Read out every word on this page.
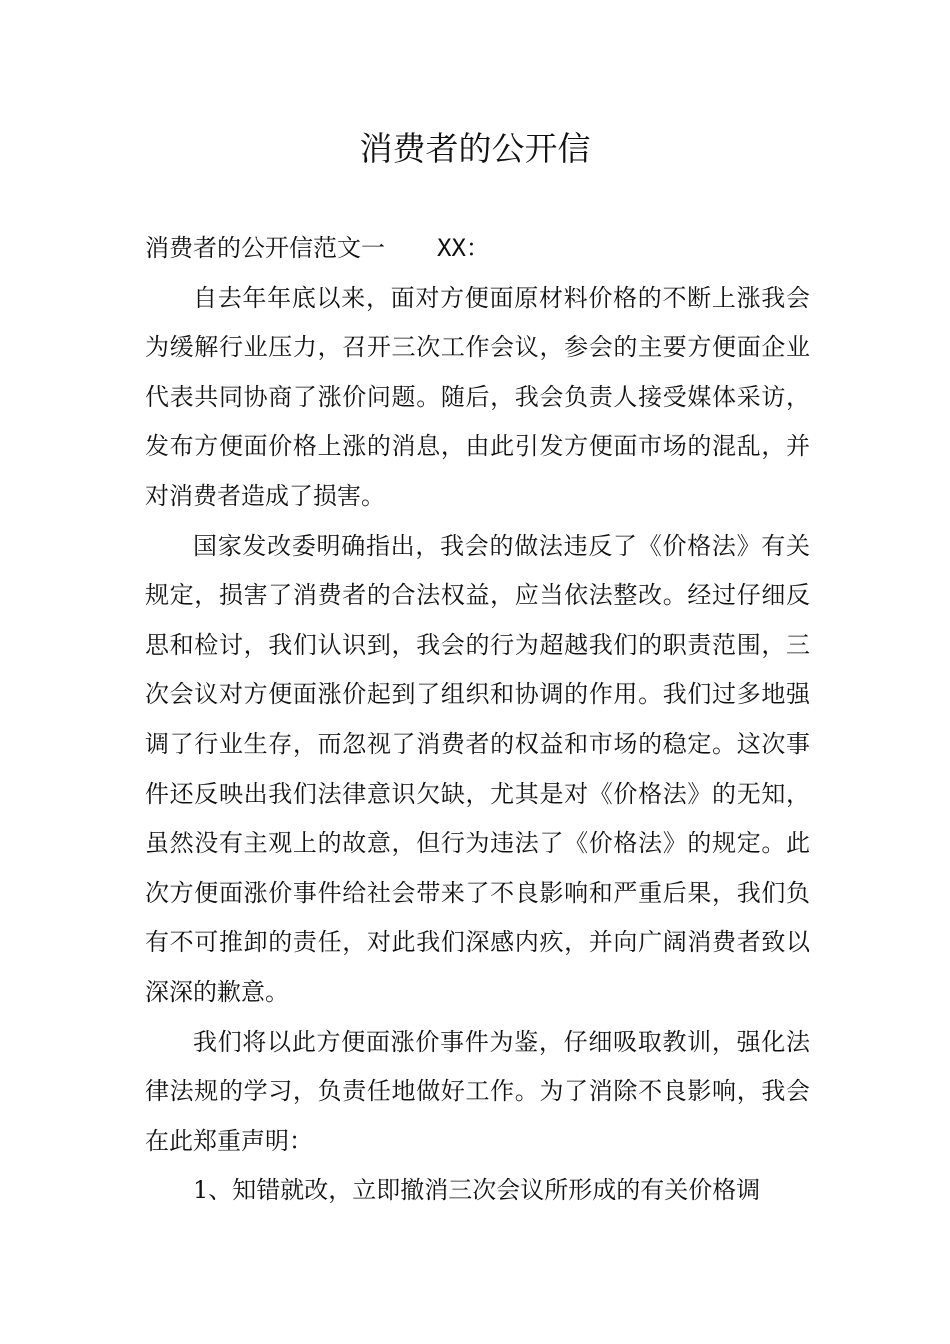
消费者的公开信

消费者的公开信范文一 XX：

自去年年底以来，面对方便面原材料价格的不断上涨我会为缓解行业压力，召开三次工作会议，参会的主要方便面企业代表共同协商了涨价问题。随后，我会负责人接受媒体采访，发布方便面价格上涨的消息，由此引发方便面市场的混乱，并对消费者造成了损害。

国家发改委明确指出，我会的做法违反了《价格法》有关规定，损害了消费者的合法权益，应当依法整改。经过仔细反思和检讨，我们认识到，我会的行为超越我们的职责范围，三次会议对方便面涨价起到了组织和协调的作用。我们过多地强调了行业生存，而忽视了消费者的权益和市场的稳定。这次事件还反映出我们法律意识欠缺，尤其是对《价格法》的无知，虽然没有主观上的故意，但行为违法了《价格法》的规定。此次方便面涨价事件给社会带来了不良影响和严重后果，我们负有不可推卸的责任，对此我们深感内疚，并向广阔消费者致以深深的歉意。

我们将以此方便面涨价事件为鉴，仔细吸取教训，强化法律法规的学习，负责任地做好工作。为了消除不良影响，我会在此郑重声明：

1、知错就改，立即撤消三次会议所形成的有关价格调
